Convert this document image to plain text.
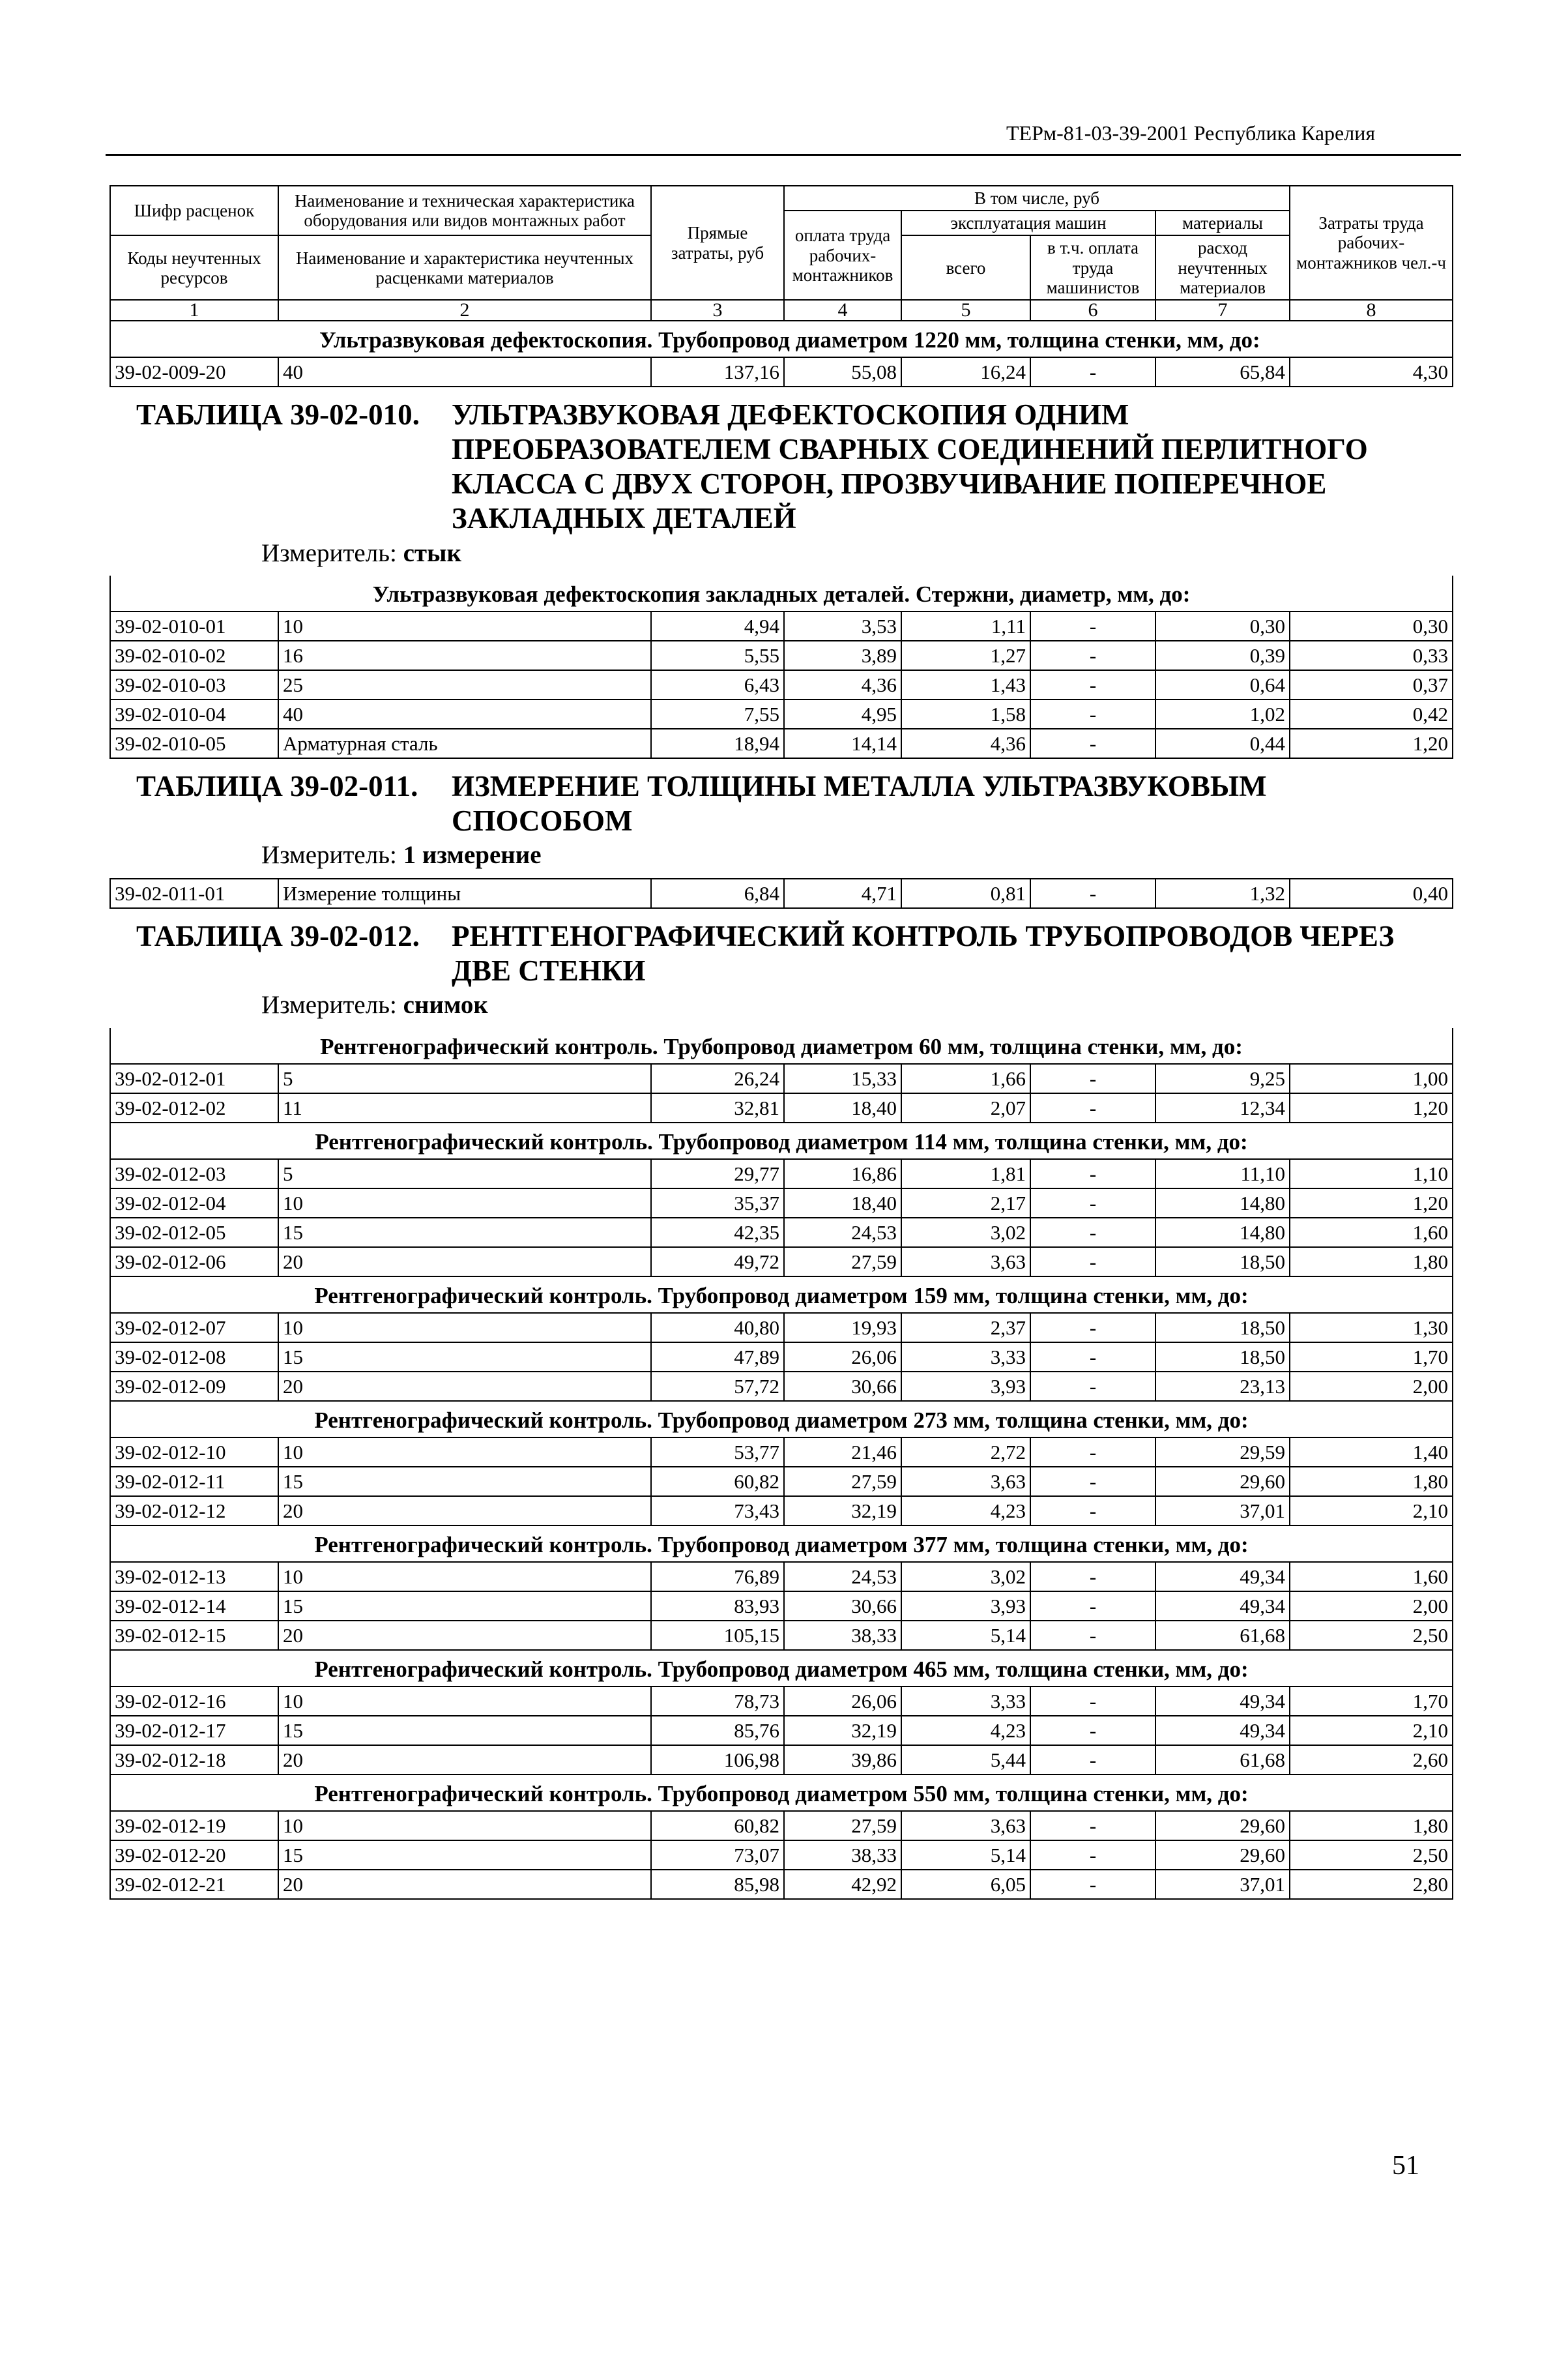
ТЕРм-81-03-39-2001 Республика Карелия
Шифр расценок	Наименование и техническая характеристика оборудования или видов монтажных работ	Прямые затраты, руб	В том числе, руб				Затраты труда рабочих-монтажников чел.-ч
			оплата труда рабочих-монтажников	эксплуатация машин		материалы	
Коды неучтенных ресурсов	Наименование и характеристика неучтенных расценками материалов			всего	в т.ч. оплата труда машинистов	расход неучтенных материалов	

1	2	3	4	5	6	7	8
Ультразвуковая дефектоскопия. Трубопровод диаметром 1220 мм, толщина стенки, мм, до:							
39-02-009-20	40	137,16	55,08	16,24	-	65,84	4,30

ТАБЛИЦА 39-02-010. УЛЬТРАЗВУКОВАЯ ДЕФЕКТОСКОПИЯ ОДНИМ ПРЕОБРАЗОВАТЕЛЕМ СВАРНЫХ СОЕДИНЕНИЙ ПЕРЛИТНОГО КЛАССА С ДВУХ СТОРОН, ПРОЗВУЧИВАНИЕ ПОПЕРЕЧНОЕ ЗАКЛАДНЫХ ДЕТАЛЕЙ
Измеритель: стык							

Ультразвуковая дефектоскопия закладных деталей. Стержни, диаметр, мм, до:							
39-02-010-01	10	4,94	3,53	1,11	-	0,30	0,30
39-02-010-02	16	5,55	3,89	1,27	-	0,39	0,33
39-02-010-03	25	6,43	4,36	1,43	-	0,64	0,37
39-02-010-04	40	7,55	4,95	1,58	-	1,02	0,42
39-02-010-05	Арматурная сталь	18,94	14,14	4,36	-	0,44	1,20

ТАБЛИЦА 39-02-011. ИЗМЕРЕНИЕ ТОЛЩИНЫ МЕТАЛЛА УЛЬТРАЗВУКОВЫМ СПОСОБОМ
Измеритель: 1 измерение							

39-02-011-01	Измерение толщины	6,84	4,71	0,81	-	1,32	0,40

ТАБЛИЦА 39-02-012. РЕНТГЕНОГРАФИЧЕСКИЙ КОНТРОЛЬ ТРУБОПРОВОДОВ ЧЕРЕЗ ДВЕ СТЕНКИ
Измеритель: снимок							

Рентгенографический контроль. Трубопровод диаметром 60 мм, толщина стенки, мм, до:							
39-02-012-01	5	26,24	15,33	1,66	-	9,25	1,00
39-02-012-02	11	32,81	18,40	2,07	-	12,34	1,20
Рентгенографический контроль. Трубопровод диаметром 114 мм, толщина стенки, мм, до:							
39-02-012-03	5	29,77	16,86	1,81	-	11,10	1,10
39-02-012-04	10	35,37	18,40	2,17	-	14,80	1,20
39-02-012-05	15	42,35	24,53	3,02	-	14,80	1,60
39-02-012-06	20	49,72	27,59	3,63	-	18,50	1,80
Рентгенографический контроль. Трубопровод диаметром 159 мм, толщина стенки, мм, до:							
39-02-012-07	10	40,80	19,93	2,37	-	18,50	1,30
39-02-012-08	15	47,89	26,06	3,33	-	18,50	1,70
39-02-012-09	20	57,72	30,66	3,93	-	23,13	2,00
Рентгенографический контроль. Трубопровод диаметром 273 мм, толщина стенки, мм, до:							
39-02-012-10	10	53,77	21,46	2,72	-	29,59	1,40
39-02-012-11	15	60,82	27,59	3,63	-	29,60	1,80
39-02-012-12	20	73,43	32,19	4,23	-	37,01	2,10
Рентгенографический контроль. Трубопровод диаметром 377 мм, толщина стенки, мм, до:							
39-02-012-13	10	76,89	24,53	3,02	-	49,34	1,60
39-02-012-14	15	83,93	30,66	3,93	-	49,34	2,00
39-02-012-15	20	105,15	38,33	5,14	-	61,68	2,50
Рентгенографический контроль. Трубопровод диаметром 465 мм, толщина стенки, мм, до:							
39-02-012-16	10	78,73	26,06	3,33	-	49,34	1,70
39-02-012-17	15	85,76	32,19	4,23	-	49,34	2,10
39-02-012-18	20	106,98	39,86	5,44	-	61,68	2,60
Рентгенографический контроль. Трубопровод диаметром 550 мм, толщина стенки, мм, до:							
39-02-012-19	10	60,82	27,59	3,63	-	29,60	1,80
39-02-012-20	15	73,07	38,33	5,14	-	29,60	2,50
39-02-012-21	20	85,98	42,92	6,05	-	37,01	2,80
51
